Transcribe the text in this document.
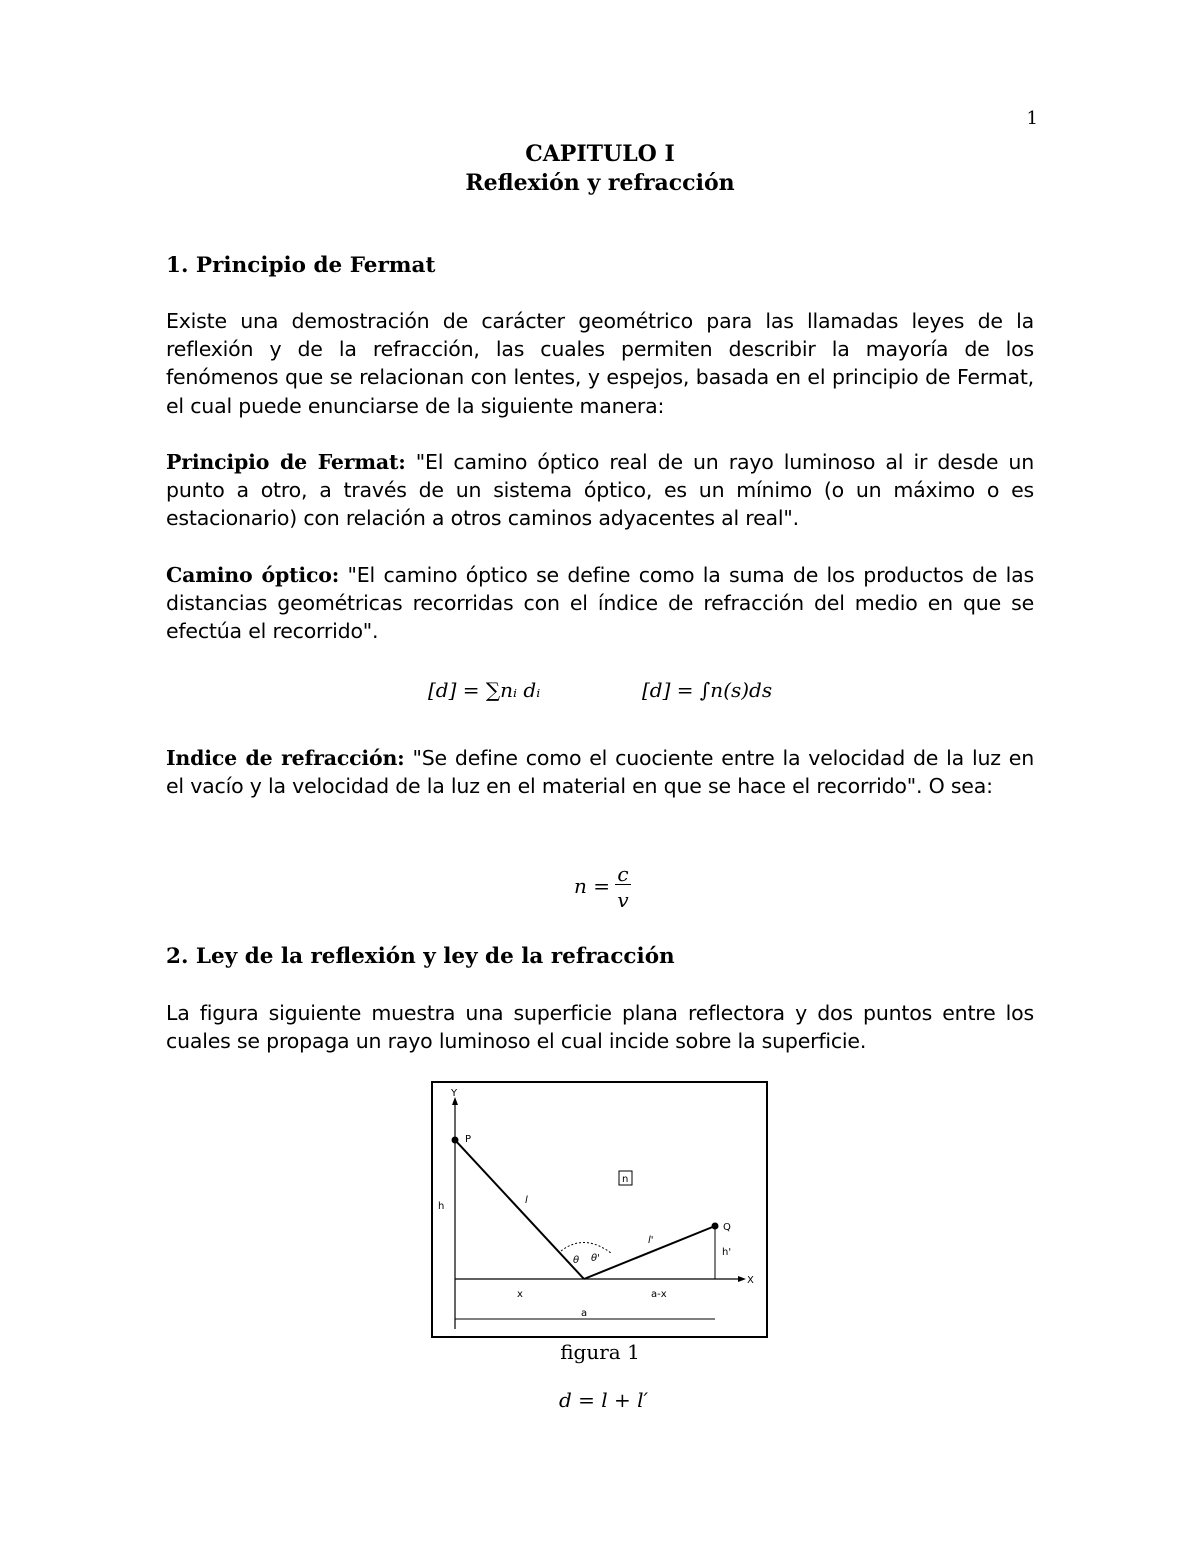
1
CAPITULO I
Reflexión y refracción
1. Principio de Fermat
Existe una demostración de carácter geométrico para las llamadas leyes de la reflexión y de la refracción, las cuales permiten describir la mayoría de los fenómenos que se relacionan con lentes, y espejos, basada en el principio de Fermat, el cual puede enunciarse de la siguiente manera:
Principio de Fermat: "El camino óptico real de un rayo luminoso al ir desde un punto a otro, a través de un sistema óptico, es un mínimo (o un máximo o es estacionario) con relación a otros caminos adyacentes al real".
Camino óptico: "El camino óptico se define como la suma de los productos de las distancias geométricas recorridas con el índice de refracción del medio en que se efectúa el recorrido".
[d] = ∑nᵢ dᵢ	[d] = ∫n(s)ds
Indice de refracción: "Se define como el cuociente entre la velocidad de la luz en el vacío y la velocidad de la luz en el material en que se hace el recorrido". O sea:
n = c
v
2. Ley de la reflexión y ley de la refracción
La figura siguiente muestra una superficie plana reflectora y dos puntos entre los cuales se propaga un rayo luminoso el cual incide sobre la superficie.
Y
X
P
l
l'
Q
h'
h
n
θ θ'
x	a-x
a
figura 1
d = l + l′
